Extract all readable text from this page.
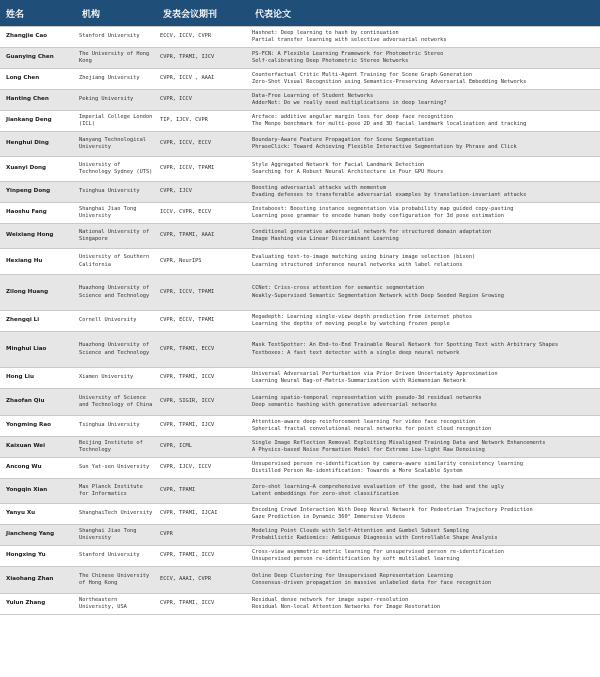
姓名	机构	发表会议期刊	代表论文
Zhangjie Cao	Stanford University	ECCV, ICCV, CVPR	Hashnet: Deep learning to hash by continuation
Partial transfer learning with selective adversarial networks

Guanying Chen	The University of Hong Kong	CVPR, TPAMI, IJCV	PS-FCN: A Flexible Learning Framework for Photometric Stereo
Self-calibrating Deep Photometric Stereo Networks

Long Chen	Zhejiang University	CVPR, ICCV , AAAI	Counterfactual Critic Multi-Agent Training for Scene Graph Generation
Zero-Shot Visual Recognition using Semantics-Preserving Adversarial Embedding Networks

Hanting Chen	Peking University	CVPR, ICCV	Data-Free Learning of Student Networks
AdderNet: Do we really need multiplications in deep learning?

Jiankang Deng	Imperial College London (ICL)	TIP, IJCV, CVPR	Arcface: additive angular margin loss for deep face recognition
The Menpo benchmark for multi-pose 2D and 3D facial landmark localisation and tracking

Henghui Ding	Nanyang Technological University	CVPR, ICCV, ECCV	Boundary-Aware Feature Propagation for Scene Segmentation
PhraseClick: Toward Achieving Flexible Interactive Segmentation by Phrase and Click

Xuanyi Dong	University of Technology Sydney (UTS)	CVPR, ICCV, TPAMI	Style Aggregated Network for Facial Landmark Detection
Searching for A Robust Neural Architecture in Four GPU Hours

Yinpeng Dong	Tsinghua University	CVPR, IJCV	Boosting adversarial attacks with momentum
Evading defenses to transferable adversarial examples by translation-invariant attacks

Haoshu Fang	Shanghai Jiao Tong University	ICCV, CVPR, ECCV	Instaboost: Boosting instance segmentation via probability map guided copy-pasting
Learning pose grammar to encode human body configuration for 3d pose estimation

Weixiang Hong	National University of Singapore	CVPR, TPAMI, AAAI	Conditional generative adversarial network for structured domain adaptation
Image Hashing via Linear Discriminant Learning

Hexiang Hu	University of Southern California	CVPR, NeurIPS	Evaluating text-to-image matching using binary image selection (bison)
Learning structured inference neural networks with label relations

Zilong Huang	Huazhong University of Science and Technology	CVPR, ICCV, TPAMI	CCNet: Criss-cross attention for semantic segmentation
Weakly-Supervised Semantic Segmentation Network with Deep Seeded Region Growing

Zhengqi Li	Cornell University	CVPR, ECCV, TPAMI	Megadepth: Learning single-view depth prediction from internet photos
Learning the depths of moving people by watching frozen people

Minghui Liao	Huazhong University of Science and Technology	CVPR, TPAMI, ECCV	Mask TextSpotter: An End-to-End Trainable Neural Network for Spotting Text with Arbitrary Shapes
Textboxes: A fast text detector with a single deep neural network

Hong Liu	Xiamen University	CVPR, TPAMI, ICCV	Universal Adversarial Perturbation via Prior Driven Uncertainty Approximation
Learning Neural Bag-of-Matrix-Summarization with Riemannian Network

Zhaofan Qiu	University of Science and Technology of China	CVPR, SIGIR, ICCV	Learning spatio-temporal representation with pseudo-3d residual networks
Deep semantic hashing with generative adversarial networks

Yongming Rao	Tsinghua University	CVPR, TPAMI, IJCV	Attention-aware deep reinforcement learning for video face recognition
Spherical fractal convolutional neural networks for point cloud recognition

Kaixuan Wei	Beijing Institute of Technology	CVPR, ICML	Single Image Reflection Removal Exploiting Misaligned Training Data and Network Enhancements
A Physics-based Noise Formation Model for Extreme Low-light Raw Denoising

Ancong Wu	Sun Yat-sen University	CVPR, IJCV, ICCV	Unsupervised person re-identification by camera-aware similarity consistency learning
Distilled Person Re-identification: Towards a More Scalable System

Yongqin Xian	Max Planck Institute for Informatics	CVPR, TPAMI	Zero-shot learning—A comprehensive evaluation of the good, the bad and the ugly
Latent embeddings for zero-shot classification

Yanyu Xu	ShanghaiTech University	CVPR, TPAMI, IJCAI	Encoding Crowd Interaction With Deep Neural Network for Pedestrian Trajectory Prediction
Gaze Prediction in Dynamic 360° Immersive Videos

Jiancheng Yang	Shanghai Jiao Tong University	CVPR	Modeling Point Clouds with Self-Attention and Gumbel Subset Sampling
Probabilistic Radiomics: Ambiguous Diagnosis with Controllable Shape Analysis

Hongxing Yu	Stanford University	CVPR, TPAMI, ICCV	Cross-view asymmetric metric learning for unsupervised person re-identification
Unsupervised person re-identification by soft multilabel learning

Xiaohang Zhan	The Chinese University of Hong Kong	ECCV, AAAI, CVPR	Online Deep Clustering for Unsupervised Representation Learning
Consensus-driven propagation in massive unlabeled data for face recognition

Yulun Zhang	Northeastern University, USA	CVPR, TPAMI, ICCV	Residual dense network for image super-resolution
Residual Non-local Attention Networks for Image Restoration
